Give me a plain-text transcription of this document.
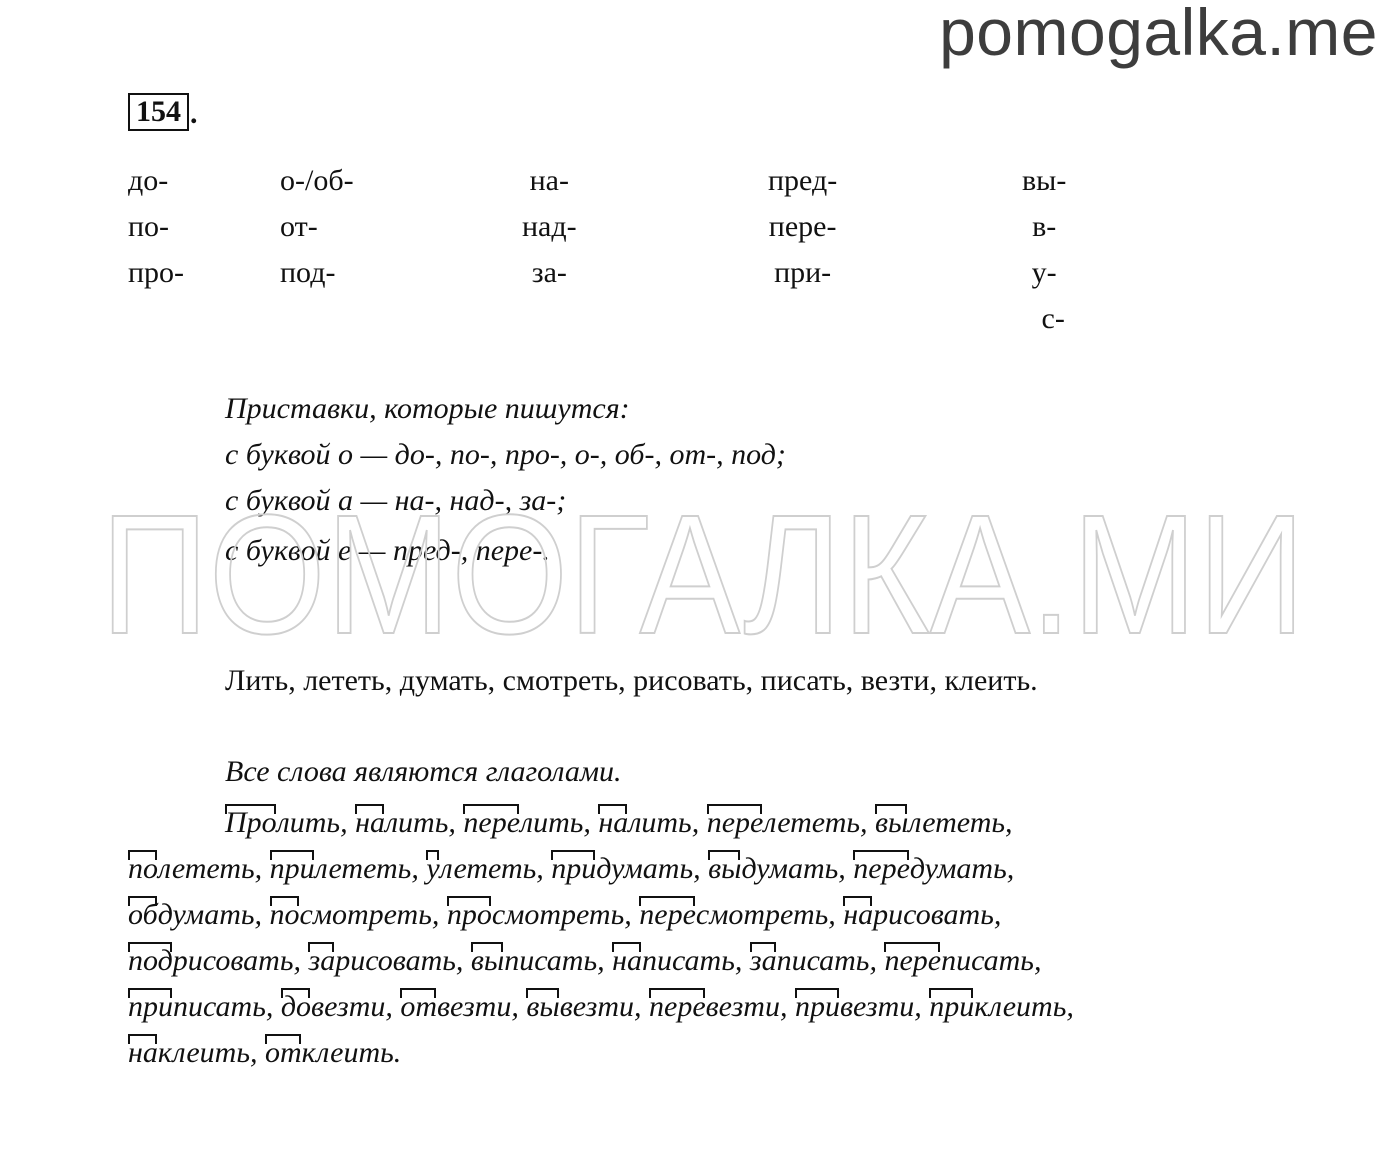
pomogalka.me
154 .
до-
по-
про-
о-/об-
от-
под-
на-
над-
за-
пред-
пере-
при-
вы-
в-
у-
с-
Приставки, которые пишутся:
с буквой о — до-, по-, про-, о-, об-, от-, под;
с буквой а — на-, над-, за-;
с буквой е — пред-, пере-.
ПОМОГАЛКА.МИ
Лить, лететь, думать, смотреть, рисовать, писать, везти, клеить.
Все слова являются глаголами.
Пролить, налить, перелить, налить, перелететь, вылететь,
полететь, прилететь, улететь, придумать, выдумать, передумать,
обдумать, посмотреть, просмотреть, пересмотреть, нарисовать,
подрисовать, зарисовать, выписать, написать, записать, переписать,
приписать, довезти, отвезти, вывезти, перевезти, привезти, приклеить,
наклеить, отклеить.
